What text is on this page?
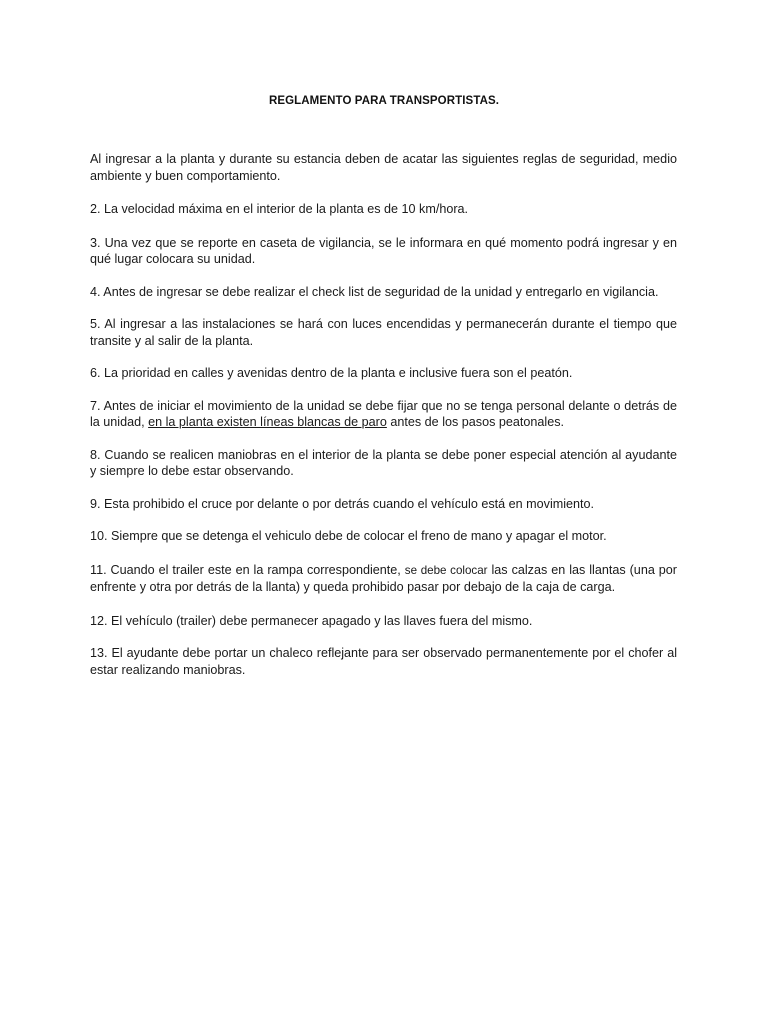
REGLAMENTO PARA TRANSPORTISTAS.

Al ingresar a la planta y durante su estancia deben de acatar las siguientes reglas de seguridad, medio ambiente y buen comportamiento.

2. La velocidad máxima en el interior de la planta es de 10 km/hora.

3. Una vez que se reporte en caseta de vigilancia, se le informara en qué momento podrá ingresar y en qué lugar colocara su unidad.

4. Antes de ingresar se debe realizar el check list de seguridad de la unidad y entregarlo en vigilancia.

5. Al ingresar a las instalaciones se hará con luces encendidas y permanecerán durante el tiempo que transite y al salir de la planta.

6. La prioridad en calles y avenidas dentro de la planta e inclusive fuera son el peatón.

7. Antes de iniciar el movimiento de la unidad se debe fijar que no se tenga personal delante o detrás de la unidad, en la planta existen líneas blancas de paro antes de los pasos peatonales.

8. Cuando se realicen maniobras en el interior de la planta se debe poner especial atención al ayudante y siempre lo debe estar observando.

9. Esta prohibido el cruce por delante o por detrás cuando el vehículo está en movimiento.

10. Siempre que se detenga el vehiculo debe de colocar el freno de mano y apagar el motor.

11. Cuando el trailer este en la rampa correspondiente, se debe colocar las calzas en las llantas (una por enfrente y otra por detrás de la llanta) y queda prohibido pasar por debajo de la caja de carga.

12. El vehículo (trailer) debe permanecer apagado y las llaves fuera del mismo.

13. El ayudante debe portar un chaleco reflejante para ser observado permanentemente por el chofer al estar realizando maniobras.
